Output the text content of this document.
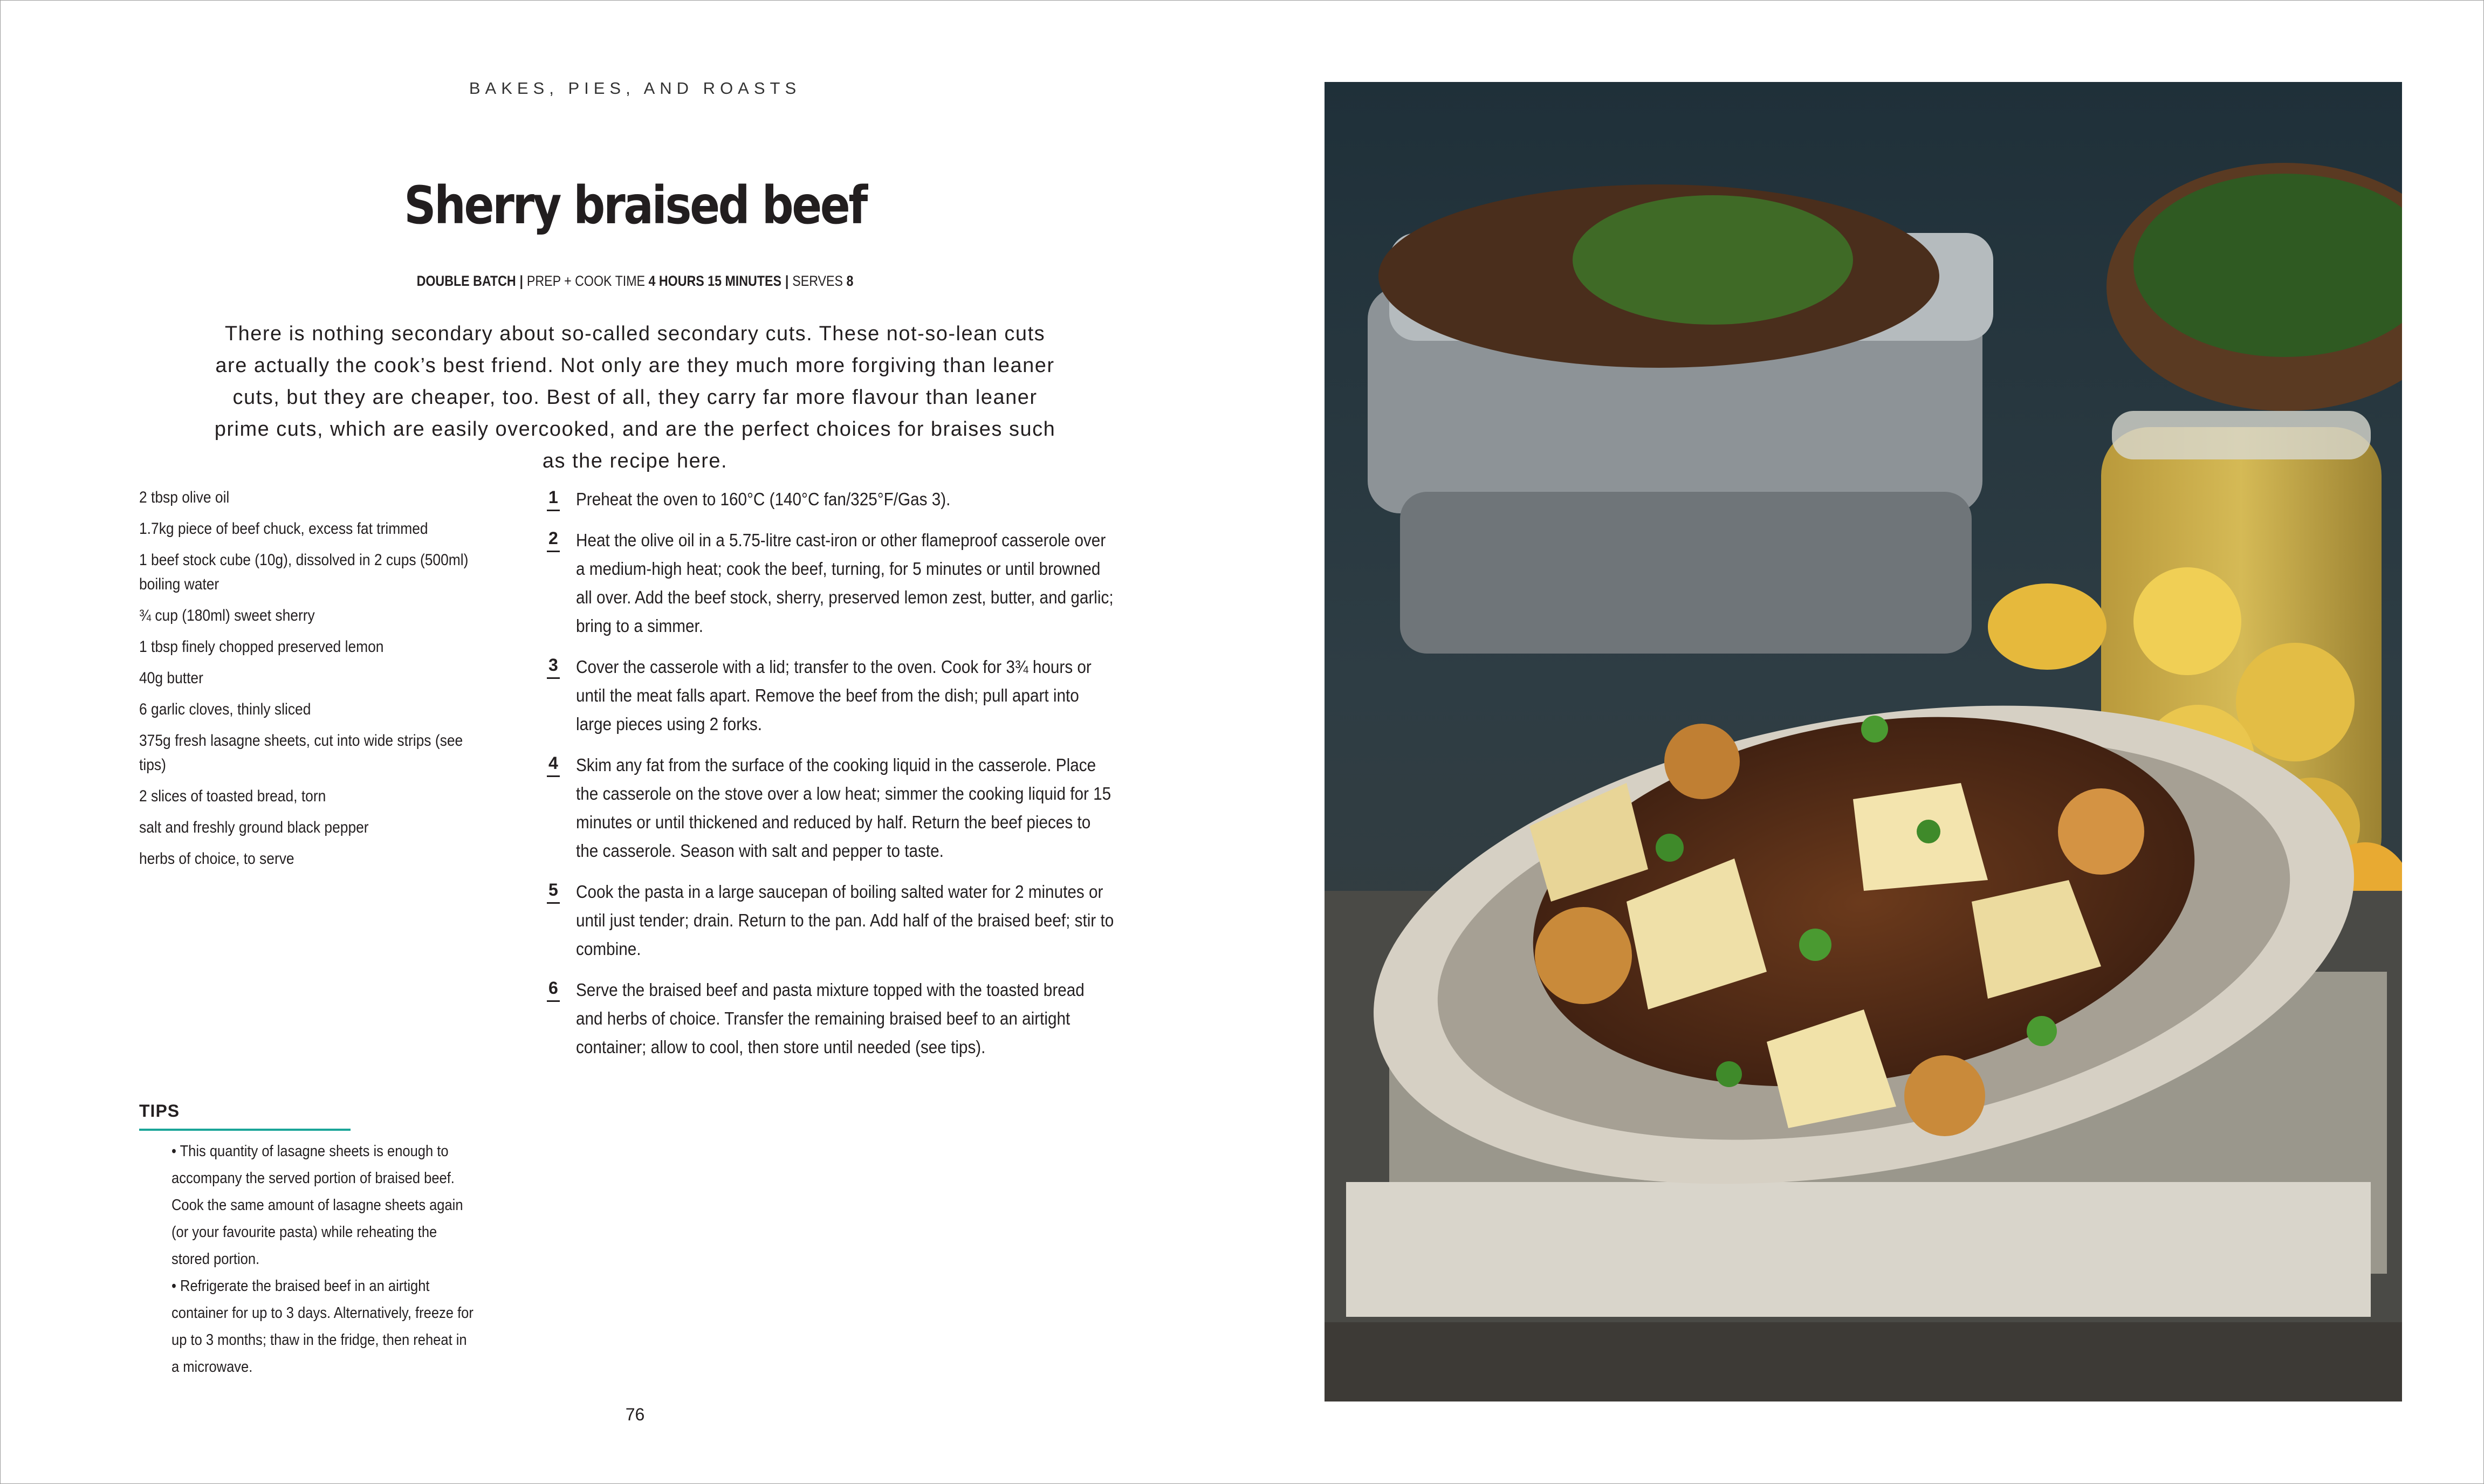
BAKES, PIES, AND ROASTS
Sherry braised beef
DOUBLE BATCH | PREP + COOK TIME 4 HOURS 15 MINUTES | SERVES 8
There is nothing secondary about so-called secondary cuts. These not-so-lean cuts are actually the cook’s best friend. Not only are they much more forgiving than leaner cuts, but they are cheaper, too. Best of all, they carry far more flavour than leaner prime cuts, which are easily overcooked, and are the perfect choices for braises such as the recipe here.
2 tbsp olive oil
1.7kg piece of beef chuck, excess fat trimmed
1 beef stock cube (10g), dissolved in 2 cups (500ml) boiling water
¾ cup (180ml) sweet sherry
1 tbsp finely chopped preserved lemon
40g butter
6 garlic cloves, thinly sliced
375g fresh lasagne sheets, cut into wide strips (see tips)
2 slices of toasted bread, torn
salt and freshly ground black pepper
herbs of choice, to serve
1 Preheat the oven to 160°C (140°C fan/325°F/Gas 3).
2 Heat the olive oil in a 5.75-litre cast-iron or other flameproof casserole over a medium-high heat; cook the beef, turning, for 5 minutes or until browned all over. Add the beef stock, sherry, preserved lemon zest, butter, and garlic; bring to a simmer.
3 Cover the casserole with a lid; transfer to the oven. Cook for 3¾ hours or until the meat falls apart. Remove the beef from the dish; pull apart into large pieces using 2 forks.
4 Skim any fat from the surface of the cooking liquid in the casserole. Place the casserole on the stove over a low heat; simmer the cooking liquid for 15 minutes or until thickened and reduced by half. Return the beef pieces to the casserole. Season with salt and pepper to taste.
5 Cook the pasta in a large saucepan of boiling salted water for 2 minutes or until just tender; drain. Return to the pan. Add half of the braised beef; stir to combine.
6 Serve the braised beef and pasta mixture topped with the toasted bread and herbs of choice. Transfer the remaining braised beef to an airtight container; allow to cool, then store until needed (see tips).
TIPS

• This quantity of lasagne sheets is enough to accompany the served portion of braised beef. Cook the same amount of lasagne sheets again (or your favourite pasta) while reheating the stored portion.

• Refrigerate the braised beef in an airtight container for up to 3 days. Alternatively, freeze for up to 3 months; thaw in the fridge, then reheat in a microwave.

76
